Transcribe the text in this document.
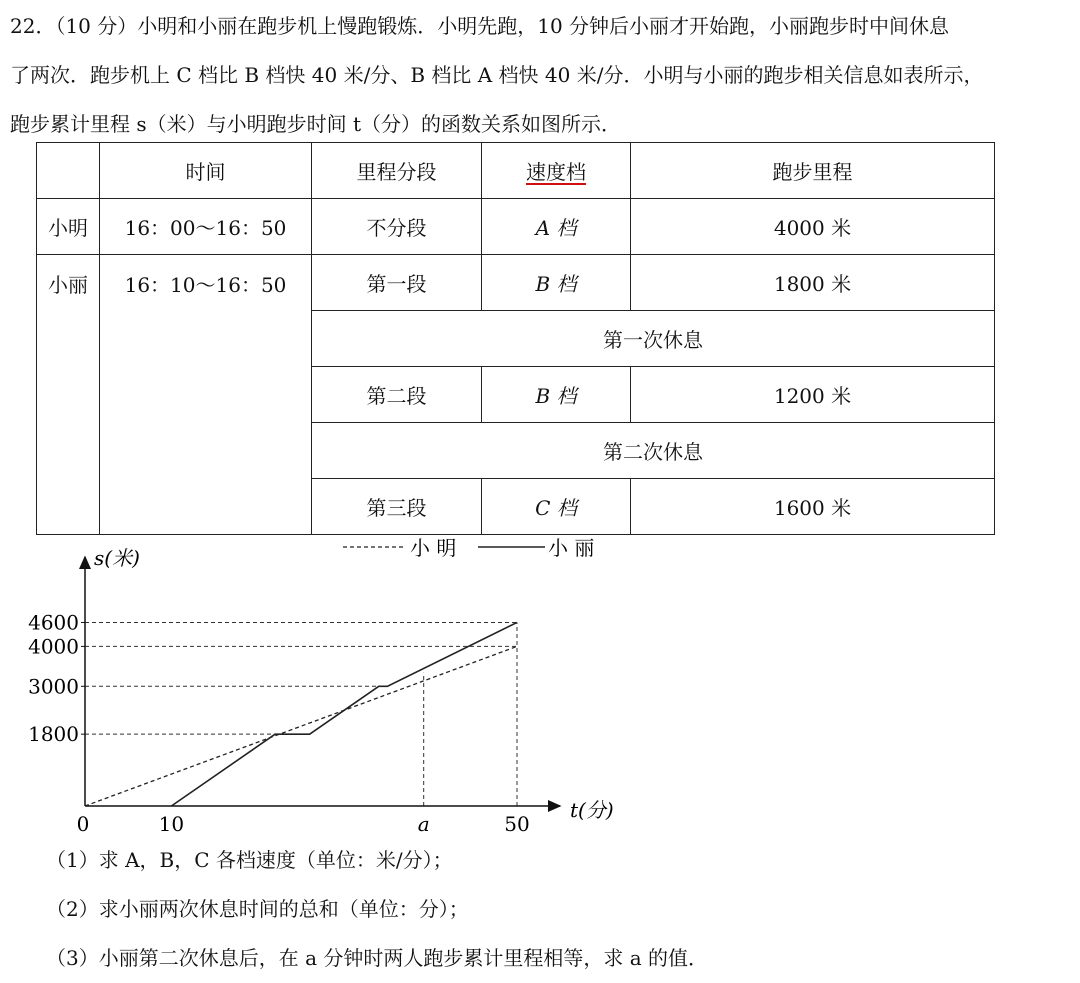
22．（10 分）小明和小丽在跑步机上慢跑锻炼．小明先跑，10 分钟后小丽才开始跑，小丽跑步时中间休息

了两次．跑步机上 C 档比 B 档快 40 米/分、B 档比 A 档快 40 米/分．小明与小丽的跑步相关信息如表所示，

跑步累计里程 s（米）与小明跑步时间 t（分）的函数关系如图所示．

	时间	里程分段	速度档	跑步里程
小明	16：00～16：50	不分段	A 档	4000 米
小丽	16：10～16：50	第一段	B 档	1800 米
		第一次休息		
		第二段	B 档	1200 米
		第二次休息		
		第三段	C 档	1600 米
4600
4000
3000
1800
0	10	a	50
s(米)
t(分)
小 明	小 丽

（1）求 A，B，C 各档速度（单位：米/分）；

（2）求小丽两次休息时间的总和（单位：分）；

（3）小丽第二次休息后，在 a 分钟时两人跑步累计里程相等，求 a 的值．
